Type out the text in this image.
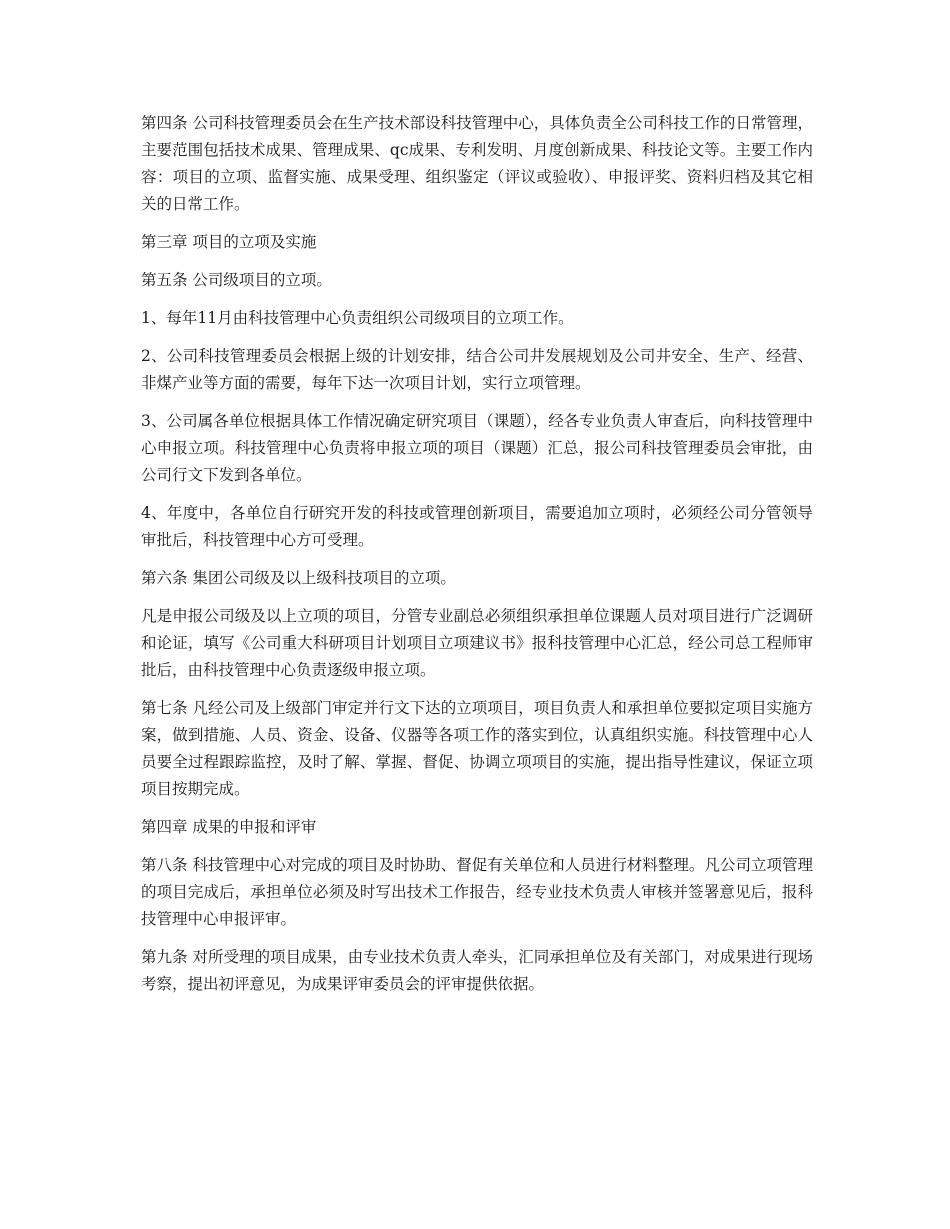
第四条 公司科技管理委员会在生产技术部设科技管理中心，具体负责全公司科技工作的日常管理，主要范围包括技术成果、管理成果、qc成果、专利发明、月度创新成果、科技论文等。主要工作内容：项目的立项、监督实施、成果受理、组织鉴定（评议或验收）、申报评奖、资料归档及其它相关的日常工作。

第三章 项目的立项及实施

第五条 公司级项目的立项。

1、每年11月由科技管理中心负责组织公司级项目的立项工作。

2、公司科技管理委员会根据上级的计划安排，结合公司井发展规划及公司井安全、生产、经营、非煤产业等方面的需要，每年下达一次项目计划，实行立项管理。

3、公司属各单位根据具体工作情况确定研究项目（课题），经各专业负责人审查后，向科技管理中心申报立项。科技管理中心负责将申报立项的项目（课题）汇总，报公司科技管理委员会审批，由公司行文下发到各单位。

4、年度中，各单位自行研究开发的科技或管理创新项目，需要追加立项时，必须经公司分管领导审批后，科技管理中心方可受理。

第六条 集团公司级及以上级科技项目的立项。

凡是申报公司级及以上立项的项目，分管专业副总必须组织承担单位课题人员对项目进行广泛调研和论证，填写《公司重大科研项目计划项目立项建议书》报科技管理中心汇总，经公司总工程师审批后，由科技管理中心负责逐级申报立项。

第七条 凡经公司及上级部门审定并行文下达的立项项目，项目负责人和承担单位要拟定项目实施方案，做到措施、人员、资金、设备、仪器等各项工作的落实到位，认真组织实施。科技管理中心人员要全过程跟踪监控，及时了解、掌握、督促、协调立项项目的实施，提出指导性建议，保证立项项目按期完成。

第四章 成果的申报和评审

第八条 科技管理中心对完成的项目及时协助、督促有关单位和人员进行材料整理。凡公司立项管理的项目完成后，承担单位必须及时写出技术工作报告，经专业技术负责人审核并签署意见后，报科技管理中心申报评审。

第九条 对所受理的项目成果，由专业技术负责人牵头，汇同承担单位及有关部门，对成果进行现场考察，提出初评意见，为成果评审委员会的评审提供依据。
